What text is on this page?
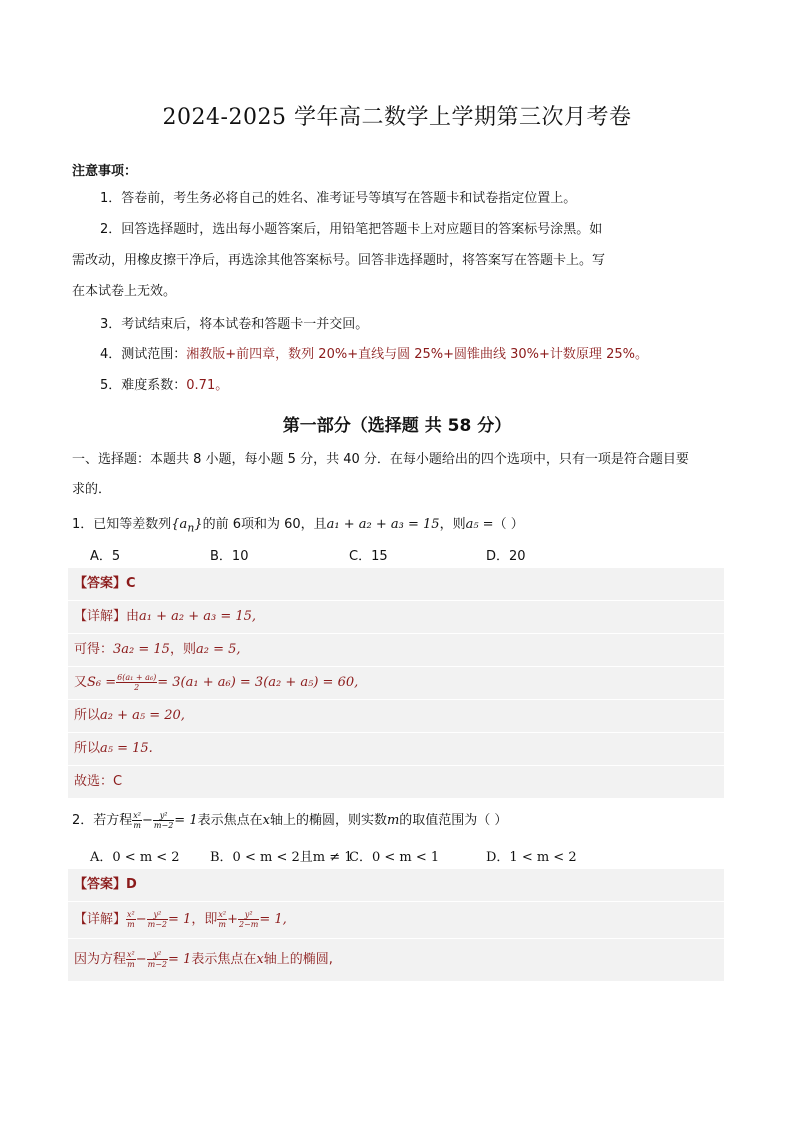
2024-2025 学年高二数学上学期第三次月考卷
注意事项：
1．答卷前，考生务必将自己的姓名、准考证号等填写在答题卡和试卷指定位置上。
2．回答选择题时，选出每小题答案后，用铅笔把答题卡上对应题目的答案标号涂黑。如
需改动，用橡皮擦干净后，再选涂其他答案标号。回答非选择题时，将答案写在答题卡上。写
在本试卷上无效。
3．考试结束后，将本试卷和答题卡一并交回。
4．测试范围：湘教版+前四章，数列 20%+直线与圆 25%+圆锥曲线 30%+计数原理 25%。
5．难度系数：0.71。
第一部分（选择题 共 58 分）
一、选择题：本题共 8 小题，每小题 5 分，共 40 分．在每小题给出的四个选项中，只有一项是符合题目要
求的．
1．已知等差数列$\{a_n\}$的前 6项和为 60，且a₁ + a₂ + a₃ = 15，则a₅ =（ ）
A．5	B．10	C．15	D．20
【答案】C
【详解】由a₁ + a₂ + a₃ = 15,
可得：3a₂ = 15，则a₂ = 5,
又$S_6 = \frac{\text{6(a₁ + a₆)}}{2} = 3(a_1 + a_6) = 3(a_2 + a_5) = 60$,
所以a₂ + a₅ = 20,
所以a₅ = 15.
故选：C
2．若方程 $\frac{\text{x²}}{m} - \frac{\text{y²}}{m-2} = 1$表示焦点在x轴上的椭圆，则实数m的取值范围为（ ）
A．0 < m < 2 B．0 < m < 2且m ≠ 1
C．0 < m < 1	D．1 < m < 2
【答案】D
【详解】 $\frac{\text{x²}}{m} - \frac{\text{y²}}{m-2} = 1$，即 $\frac{\text{x²}}{m} + \frac{\text{y²}}{2-m} = 1$,
因为方程 $\frac{\text{x²}}{m} - \frac{\text{y²}}{m-2} = 1$表示焦点在x轴上的椭圆,
